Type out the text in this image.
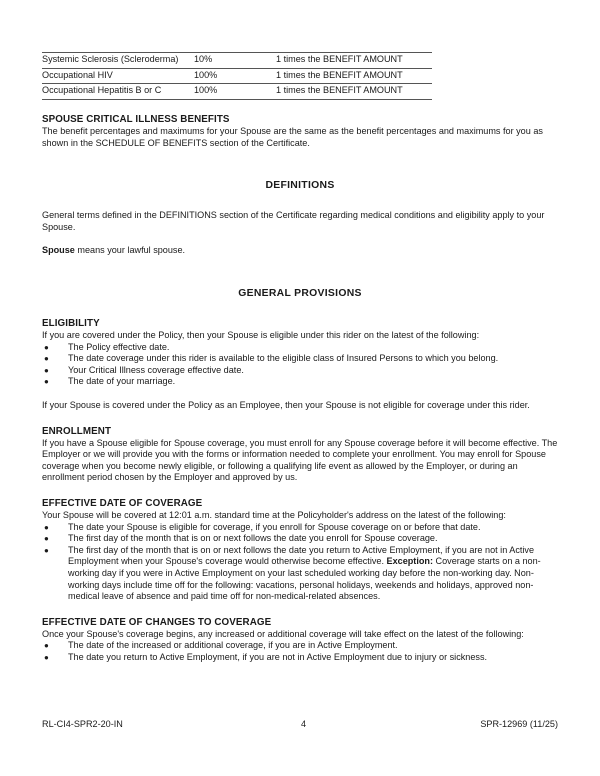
Systemic Sclerosis (Scleroderma)	10%	1 times the BENEFIT AMOUNT
Occupational HIV	100%	1 times the BENEFIT AMOUNT
Occupational Hepatitis B or C	100%	1 times the BENEFIT AMOUNT
SPOUSE CRITICAL ILLNESS BENEFITS

The benefit percentages and maximums for your Spouse are the same as the benefit percentages and maximums for you as shown in the SCHEDULE OF BENEFITS section of the Certificate.

DEFINITIONS

General terms defined in the DEFINITIONS section of the Certificate regarding medical conditions and eligibility apply to your Spouse.

Spouse means your lawful spouse.

GENERAL PROVISIONS
ELIGIBILITY

If you are covered under the Policy, then your Spouse is eligible under this rider on the latest of the following:

● The Policy effective date.
● The date coverage under this rider is available to the eligible class of Insured Persons to which you belong.
● Your Critical Illness coverage effective date.
● The date of your marriage.

If your Spouse is covered under the Policy as an Employee, then your Spouse is not eligible for coverage under this rider.

ENROLLMENT

If you have a Spouse eligible for Spouse coverage, you must enroll for any Spouse coverage before it will become effective. The Employer or we will provide you with the forms or information needed to complete your enrollment. You may enroll for Spouse coverage when you become newly eligible, or following a qualifying life event as allowed by the Employer, or during an enrollment period chosen by the Employer and approved by us.

EFFECTIVE DATE OF COVERAGE

Your Spouse will be covered at 12:01 a.m. standard time at the Policyholder's address on the latest of the following:

● The date your Spouse is eligible for coverage, if you enroll for Spouse coverage on or before that date.
● The first day of the month that is on or next follows the date you enroll for Spouse coverage.
● The first day of the month that is on or next follows the date you return to Active Employment, if you are not in Active Employment when your Spouse's coverage would otherwise become effective. Exception: Coverage starts on a non-working day if you were in Active Employment on your last scheduled working day before the non-working day. Non-working days include time off for the following: vacations, personal holidays, weekends and holidays, approved non-medical leave of absence and paid time off for non-medical-related absences.
EFFECTIVE DATE OF CHANGES TO COVERAGE

Once your Spouse's coverage begins, any increased or additional coverage will take effect on the latest of the following:

● The date of the increased or additional coverage, if you are in Active Employment.
● The date you return to Active Employment, if you are not in Active Employment due to injury or sickness.
RL-CI4-SPR2-20-IN	4	SPR-12969 (11/25)
